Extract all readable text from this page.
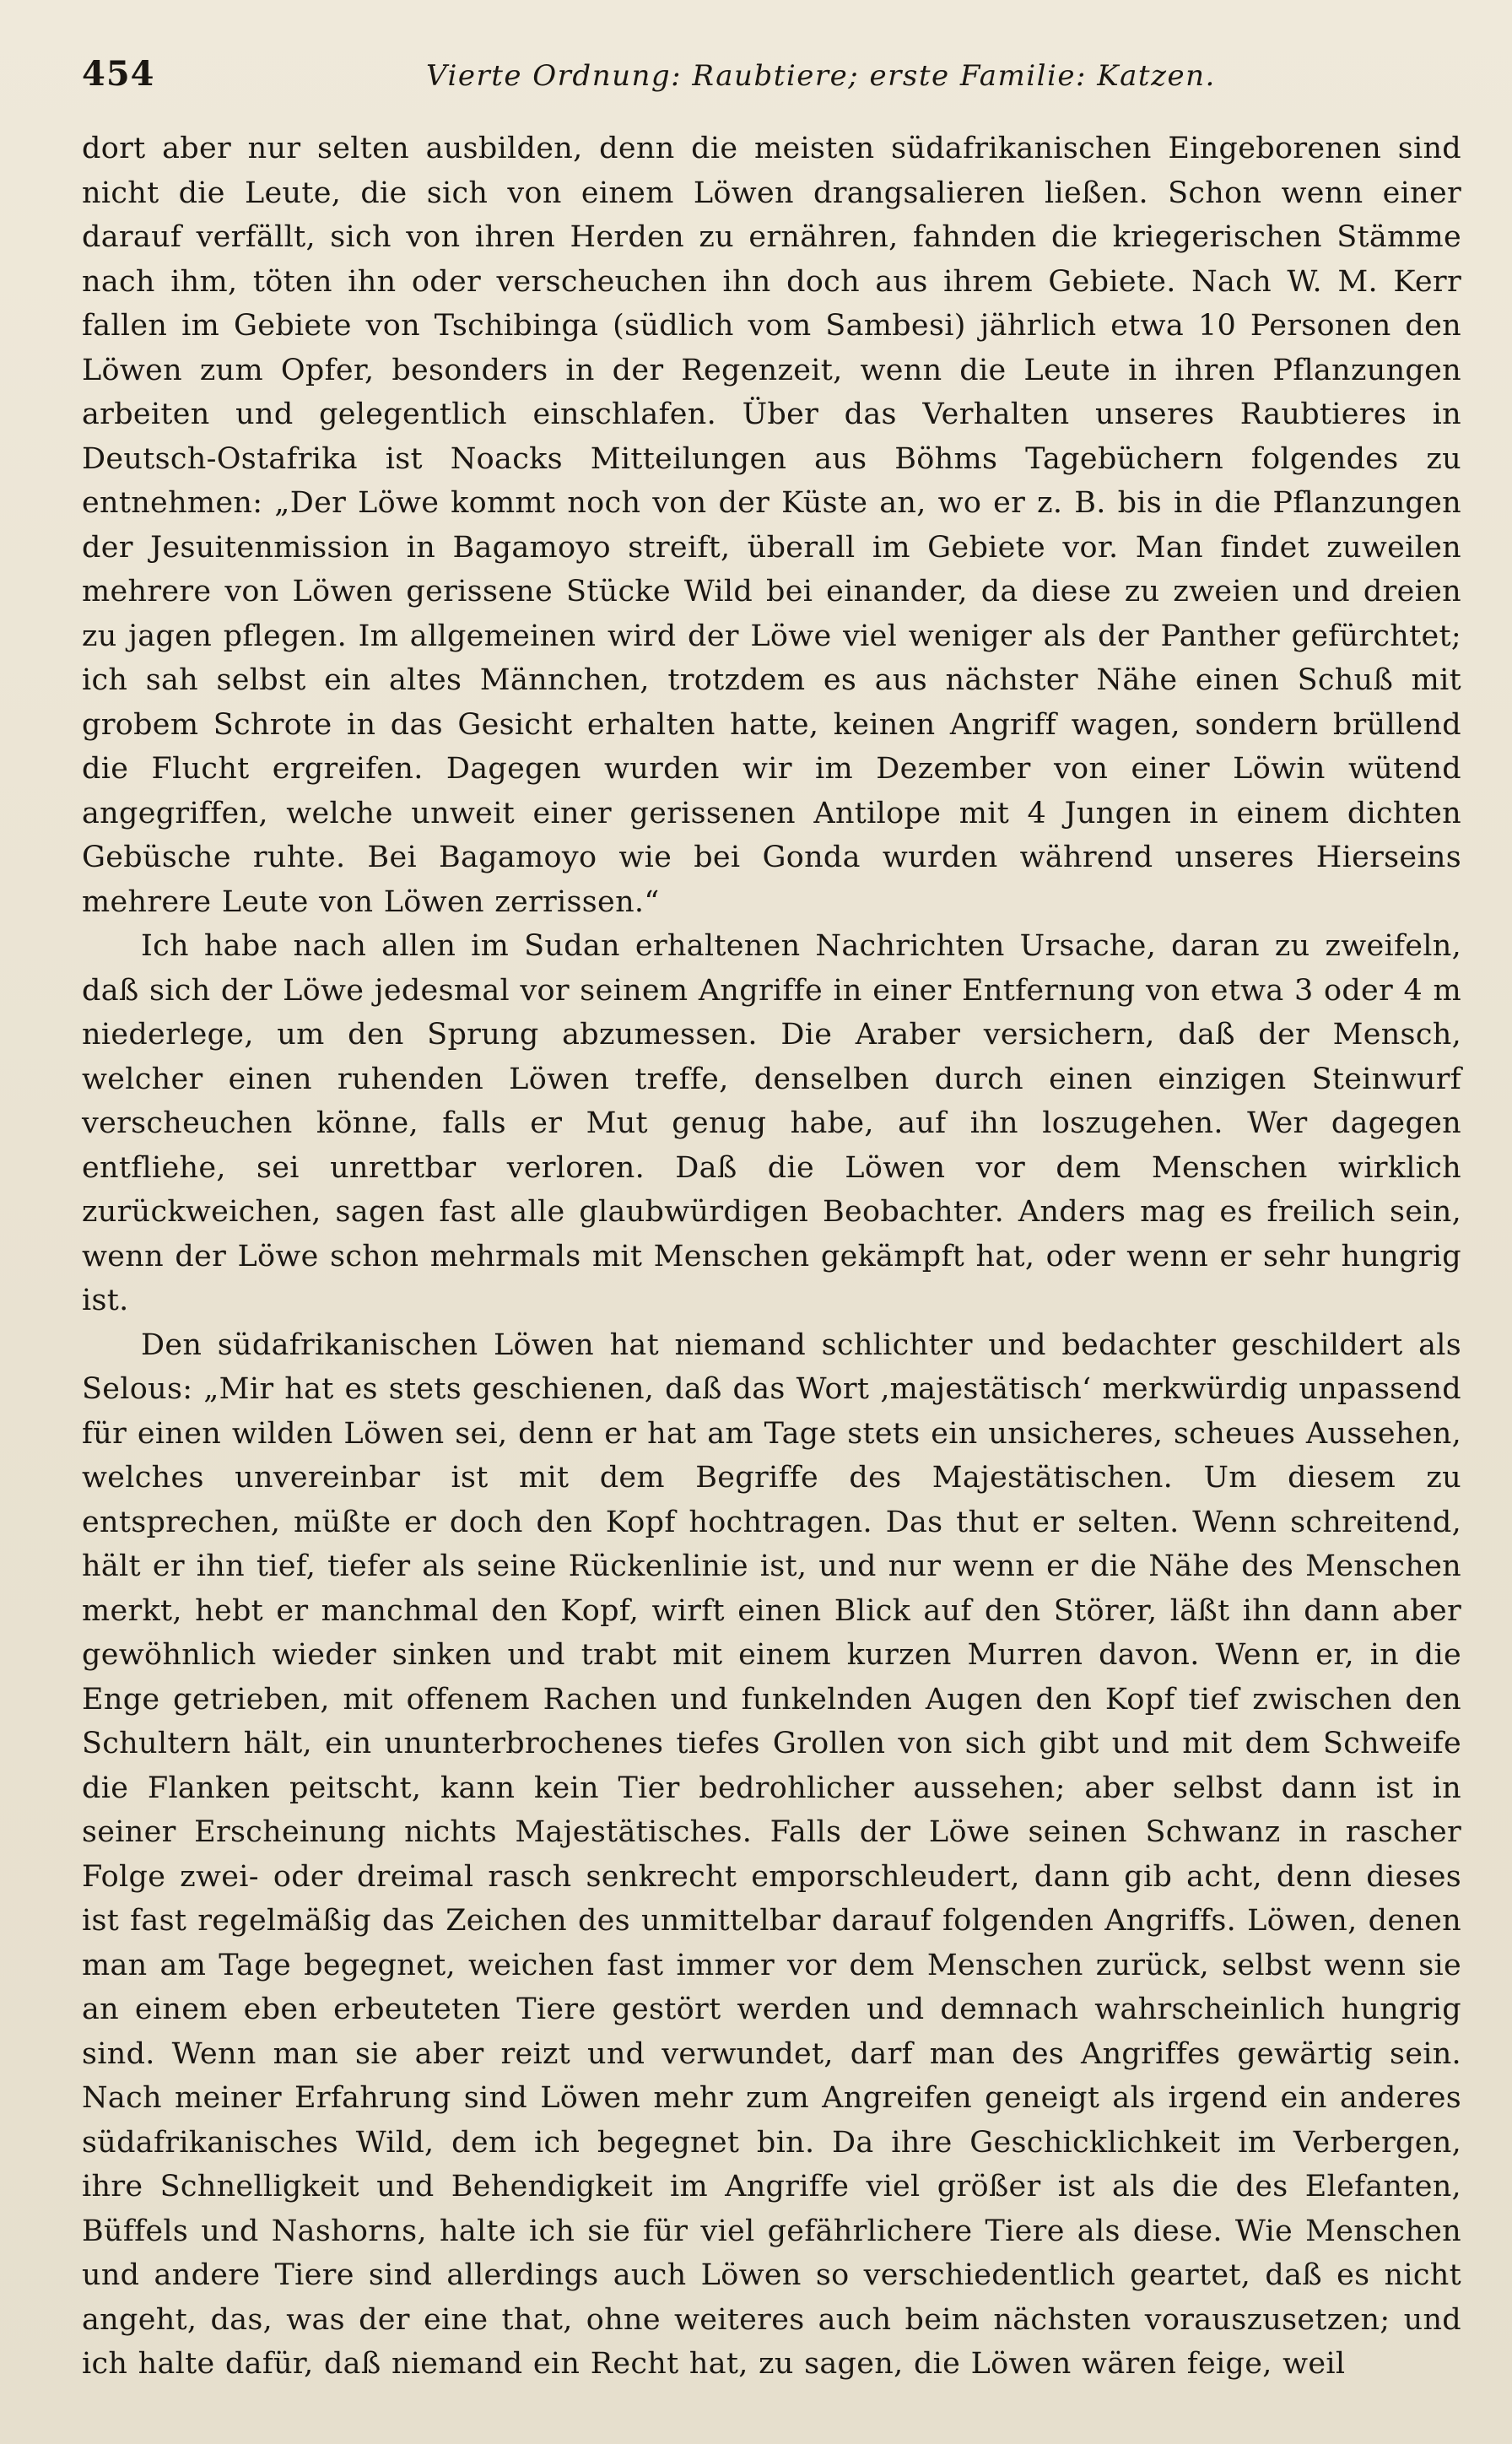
454	Vierte Ordnung: Raubtiere; erste Familie: Katzen.

dort aber nur selten ausbilden, denn die meisten südafrikanischen Eingeborenen sind nicht die Leute, die sich von einem Löwen drangsalieren ließen. Schon wenn einer darauf verfällt, sich von ihren Herden zu ernähren, fahnden die kriegerischen Stämme nach ihm, töten ihn oder verscheuchen ihn doch aus ihrem Gebiete. Nach W. M. Kerr fallen im Gebiete von Tschibinga (südlich vom Sambesi) jährlich etwa 10 Personen den Löwen zum Opfer, besonders in der Regenzeit, wenn die Leute in ihren Pflanzungen arbeiten und gelegentlich einschlafen. Über das Verhalten unseres Raubtieres in Deutsch-Ostafrika ist Noacks Mitteilungen aus Böhms Tagebüchern folgendes zu entnehmen: „Der Löwe kommt noch von der Küste an, wo er z. B. bis in die Pflanzungen der Jesuitenmission in Bagamoyo streift, überall im Gebiete vor. Man findet zuweilen mehrere von Löwen gerissene Stücke Wild bei einander, da diese zu zweien und dreien zu jagen pflegen. Im allgemeinen wird der Löwe viel weniger als der Panther gefürchtet; ich sah selbst ein altes Männchen, trotzdem es aus nächster Nähe einen Schuß mit grobem Schrote in das Gesicht erhalten hatte, keinen Angriff wagen, sondern brüllend die Flucht ergreifen. Dagegen wurden wir im Dezember von einer Löwin wütend angegriffen, welche unweit einer gerissenen Antilope mit 4 Jungen in einem dichten Gebüsche ruhte. Bei Bagamoyo wie bei Gonda wurden während unseres Hierseins mehrere Leute von Löwen zerrissen.“

Ich habe nach allen im Sudan erhaltenen Nachrichten Ursache, daran zu zweifeln, daß sich der Löwe jedesmal vor seinem Angriffe in einer Entfernung von etwa 3 oder 4 m niederlege, um den Sprung abzumessen. Die Araber versichern, daß der Mensch, welcher einen ruhenden Löwen treffe, denselben durch einen einzigen Steinwurf verscheuchen könne, falls er Mut genug habe, auf ihn loszugehen. Wer dagegen entfliehe, sei unrettbar verloren. Daß die Löwen vor dem Menschen wirklich zurückweichen, sagen fast alle glaubwürdigen Beobachter. Anders mag es freilich sein, wenn der Löwe schon mehrmals mit Menschen gekämpft hat, oder wenn er sehr hungrig ist.

Den südafrikanischen Löwen hat niemand schlichter und bedachter geschildert als Selous: „Mir hat es stets geschienen, daß das Wort ‚majestätisch‘ merkwürdig unpassend für einen wilden Löwen sei, denn er hat am Tage stets ein unsicheres, scheues Aussehen, welches unvereinbar ist mit dem Begriffe des Majestätischen. Um diesem zu entsprechen, müßte er doch den Kopf hochtragen. Das thut er selten. Wenn schreitend, hält er ihn tief, tiefer als seine Rückenlinie ist, und nur wenn er die Nähe des Menschen merkt, hebt er manchmal den Kopf, wirft einen Blick auf den Störer, läßt ihn dann aber gewöhnlich wieder sinken und trabt mit einem kurzen Murren davon. Wenn er, in die Enge getrieben, mit offenem Rachen und funkelnden Augen den Kopf tief zwischen den Schultern hält, ein ununterbrochenes tiefes Grollen von sich gibt und mit dem Schweife die Flanken peitscht, kann kein Tier bedrohlicher aussehen; aber selbst dann ist in seiner Erscheinung nichts Majestätisches. Falls der Löwe seinen Schwanz in rascher Folge zwei- oder dreimal rasch senkrecht emporschleudert, dann gib acht, denn dieses ist fast regelmäßig das Zeichen des unmittelbar darauf folgenden Angriffs. Löwen, denen man am Tage begegnet, weichen fast immer vor dem Menschen zurück, selbst wenn sie an einem eben erbeuteten Tiere gestört werden und demnach wahrscheinlich hungrig sind. Wenn man sie aber reizt und verwundet, darf man des Angriffes gewärtig sein. Nach meiner Erfahrung sind Löwen mehr zum Angreifen geneigt als irgend ein anderes südafrikanisches Wild, dem ich begegnet bin. Da ihre Geschicklichkeit im Verbergen, ihre Schnelligkeit und Behendigkeit im Angriffe viel größer ist als die des Elefanten, Büffels und Nashorns, halte ich sie für viel gefährlichere Tiere als diese. Wie Menschen und andere Tiere sind allerdings auch Löwen so verschiedentlich geartet, daß es nicht angeht, das, was der eine that, ohne weiteres auch beim nächsten vorauszusetzen; und ich halte dafür, daß niemand ein Recht hat, zu sagen, die Löwen wären feige, weil
